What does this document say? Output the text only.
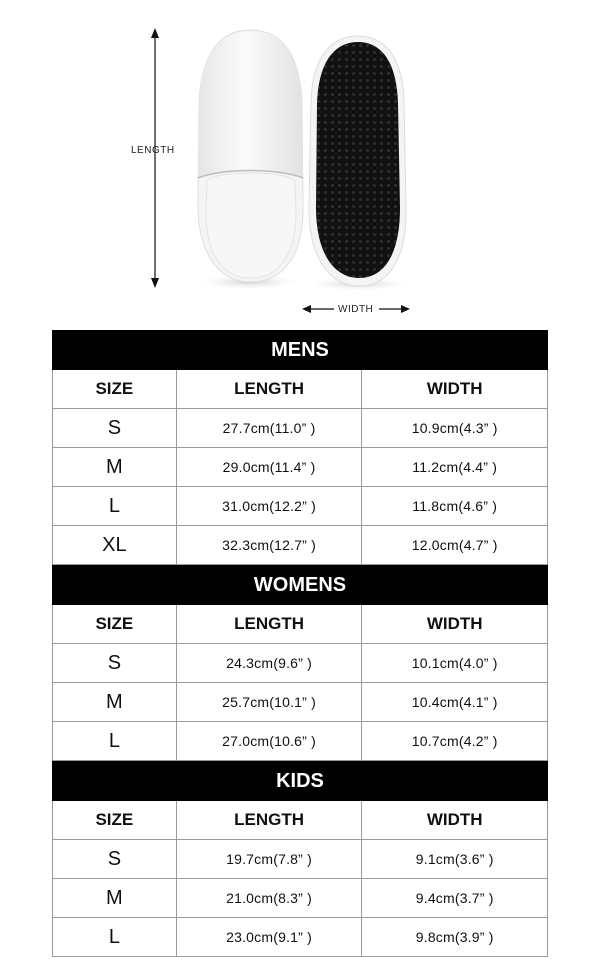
LENGTH
WIDTH
MENS
SIZE	LENGTH	WIDTH
S	27.7cm(11.0” )	10.9cm(4.3” )
M	29.0cm(11.4” )	11.2cm(4.4” )
L	31.0cm(12.2” )	11.8cm(4.6” )
XL	32.3cm(12.7” )	12.0cm(4.7” )
WOMENS
SIZE	LENGTH	WIDTH
S	24.3cm(9.6” )	10.1cm(4.0” )
M	25.7cm(10.1” )	10.4cm(4.1” )
L	27.0cm(10.6” )	10.7cm(4.2” )
KIDS
SIZE	LENGTH	WIDTH
S	19.7cm(7.8” )	9.1cm(3.6” )
M	21.0cm(8.3” )	9.4cm(3.7” )
L	23.0cm(9.1” )	9.8cm(3.9” )
